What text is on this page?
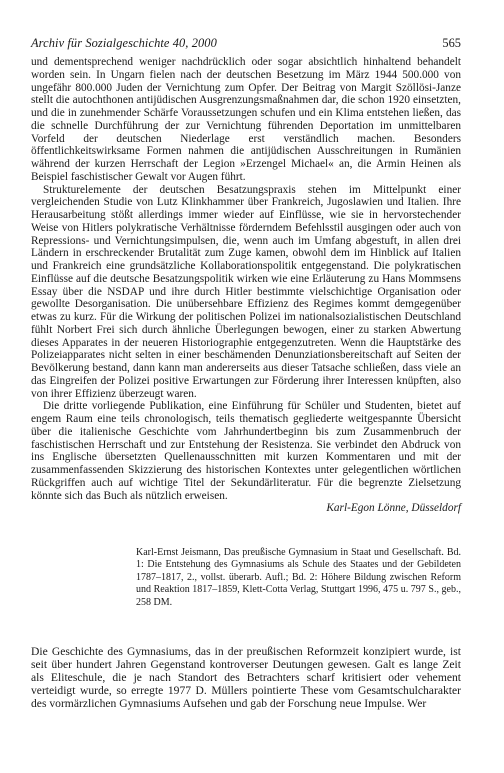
Archiv für Sozialgeschichte 40, 2000	565

und dementsprechend weniger nachdrücklich oder sogar absichtlich hinhaltend behandelt worden sein. In Ungarn fielen nach der deutschen Besetzung im März 1944 500.000 von ungefähr 800.000 Juden der Vernichtung zum Opfer. Der Beitrag von Margit Szöllösi-Janze stellt die autochthonen antijüdischen Ausgrenzungsmaßnahmen dar, die schon 1920 einsetzten, und die in zunehmender Schärfe Voraussetzungen schufen und ein Klima entstehen ließen, das die schnelle Durchführung der zur Vernichtung führenden Deportation im unmittelbaren Vorfeld der deutschen Niederlage erst verständlich machen. Besonders öffentlichkeitswirksame Formen nahmen die antijüdischen Ausschreitungen in Rumänien während der kurzen Herrschaft der Legion »Erzengel Michael« an, die Armin Heinen als Beispiel faschistischer Gewalt vor Augen führt.

Strukturelemente der deutschen Besatzungspraxis stehen im Mittelpunkt einer vergleichenden Studie von Lutz Klinkhammer über Frankreich, Jugoslawien und Italien. Ihre Herausarbeitung stößt allerdings immer wieder auf Einflüsse, wie sie in hervorstechender Weise von Hitlers polykratische Verhältnisse förderndem Befehlsstil ausgingen oder auch von Repressions- und Vernichtungsimpulsen, die, wenn auch im Umfang abgestuft, in allen drei Ländern in erschreckender Brutalität zum Zuge kamen, obwohl dem im Hinblick auf Italien und Frankreich eine grundsätzliche Kollaborationspolitik entgegenstand. Die polykratischen Einflüsse auf die deutsche Besatzungspolitik wirken wie eine Erläuterung zu Hans Mommsens Essay über die NSDAP und ihre durch Hitler bestimmte vielschichtige Organisation oder gewollte Desorganisation. Die unübersehbare Effizienz des Regimes kommt demgegenüber etwas zu kurz. Für die Wirkung der politischen Polizei im nationalsozialistischen Deutschland fühlt Norbert Frei sich durch ähnliche Überlegungen bewogen, einer zu starken Abwertung dieses Apparates in der neueren Historiographie entgegenzutreten. Wenn die Hauptstärke des Polizeiapparates nicht selten in einer beschämenden Denunziationsbereitschaft auf Seiten der Bevölkerung bestand, dann kann man andererseits aus dieser Tatsache schließen, dass viele an das Eingreifen der Polizei positive Erwartungen zur Förderung ihrer Interessen knüpften, also von ihrer Effizienz überzeugt waren.

Die dritte vorliegende Publikation, eine Einführung für Schüler und Studenten, bietet auf engem Raum eine teils chronologisch, teils thematisch gegliederte weitgespannte Übersicht über die italienische Geschichte vom Jahrhundertbeginn bis zum Zusammenbruch der faschistischen Herrschaft und zur Entstehung der Resistenza. Sie verbindet den Abdruck von ins Englische übersetzten Quellenausschnitten mit kurzen Kommentaren und mit der zusammenfassenden Skizzierung des historischen Kontextes unter gelegentlichen wörtlichen Rückgriffen auch auf wichtige Titel der Sekundärliteratur. Für die begrenzte Zielsetzung könnte sich das Buch als nützlich erweisen.

Karl-Egon Lönne, Düsseldorf

Karl-Ernst Jeismann, Das preußische Gymnasium in Staat und Gesellschaft. Bd. 1: Die Entstehung des Gymnasiums als Schule des Staates und der Gebildeten 1787–1817, 2., vollst. überarb. Aufl.; Bd. 2: Höhere Bildung zwischen Reform und Reaktion 1817–1859, Klett-Cotta Verlag, Stuttgart 1996, 475 u. 797 S., geb., 258 DM.
Die Geschichte des Gymnasiums, das in der preußischen Reformzeit konzipiert wurde, ist seit über hundert Jahren Gegenstand kontroverser Deutungen gewesen. Galt es lange Zeit als Eliteschule, die je nach Standort des Betrachters scharf kritisiert oder vehement verteidigt wurde, so erregte 1977 D. Müllers pointierte These vom Gesamtschulcharakter des vormärzlichen Gymnasiums Aufsehen und gab der Forschung neue Impulse. Wer
